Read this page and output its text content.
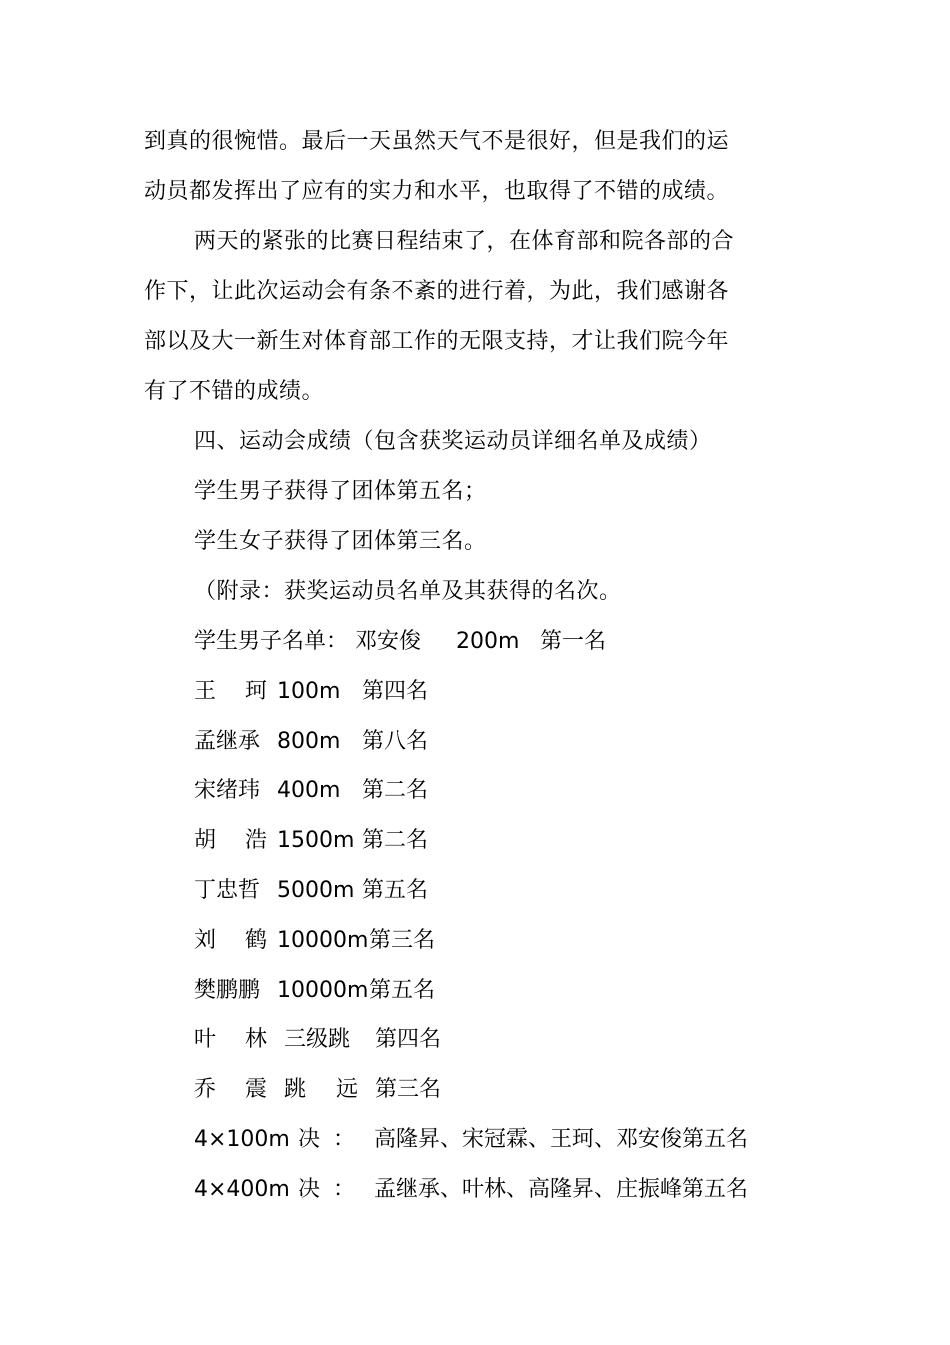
到真的很惋惜。最后一天虽然天气不是很好，但是我们的运
动员都发挥出了应有的实力和水平，也取得了不错的成绩。
两天的紧张的比赛日程结束了，在体育部和院各部的合
作下，让此次运动会有条不紊的进行着，为此，我们感谢各
部以及大一新生对体育部工作的无限支持，才让我们院今年
有了不错的成绩。
四、运动会成绩（包含获奖运动员详细名单及成绩）
学生男子获得了团体第五名；
学生女子获得了团体第三名。
（附录：获奖运动员名单及其获得的名次。
学生男子名单： 邓安俊 200m 第一名
王 珂 100m 第四名
孟继承 800m 第八名
宋绪玮 400m 第二名
胡 浩 1500m 第二名
丁忠哲 5000m 第五名
刘 鹤 10000m 第三名
樊鹏鹏 10000m 第五名
叶 林 三级跳 第四名
乔 震 跳 远 第三名
4×100m 决 ： 高隆昇、宋冠霖、王珂、邓安俊第五名
4×400m 决 ： 孟继承、叶林、高隆昇、庄振峰第五名
